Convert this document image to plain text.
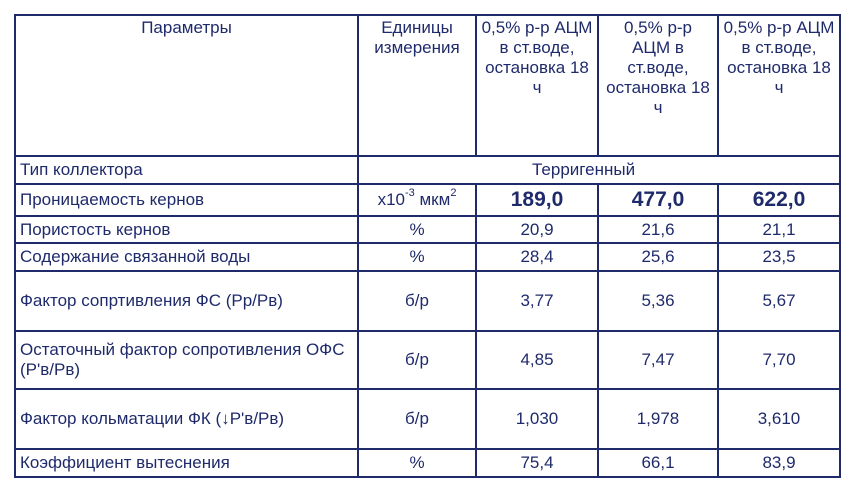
Параметры	Единицы измерения	0,5% р-р АЦМ в ст.воде, остановка 18 ч	0,5% р-р АЦМ в ст.воде, остановка 18 ч	0,5% р-р АЦМ в ст.воде, остановка 18 ч
Тип коллектора		Терригенный		
Проницаемость кернов	$х10^{-3}$ мкм$^2$	189,0	477,0	622,0
Пористость кернов	%	20,9	21,6	21,1
Содержание связанной воды	%	28,4	25,6	23,5
Фактор сопртивления ФС (Рр/Рв)	б/р	3,77	5,36	5,67
Остаточный фактор сопротивления ОФС (Р'в/Рв)	б/р	4,85	7,47	7,70
Фактор кольматации ФК (↓Р'в/Рв)	б/р	1,030	1,978	3,610
Коэффициент вытеснения	%	75,4	66,1	83,9
